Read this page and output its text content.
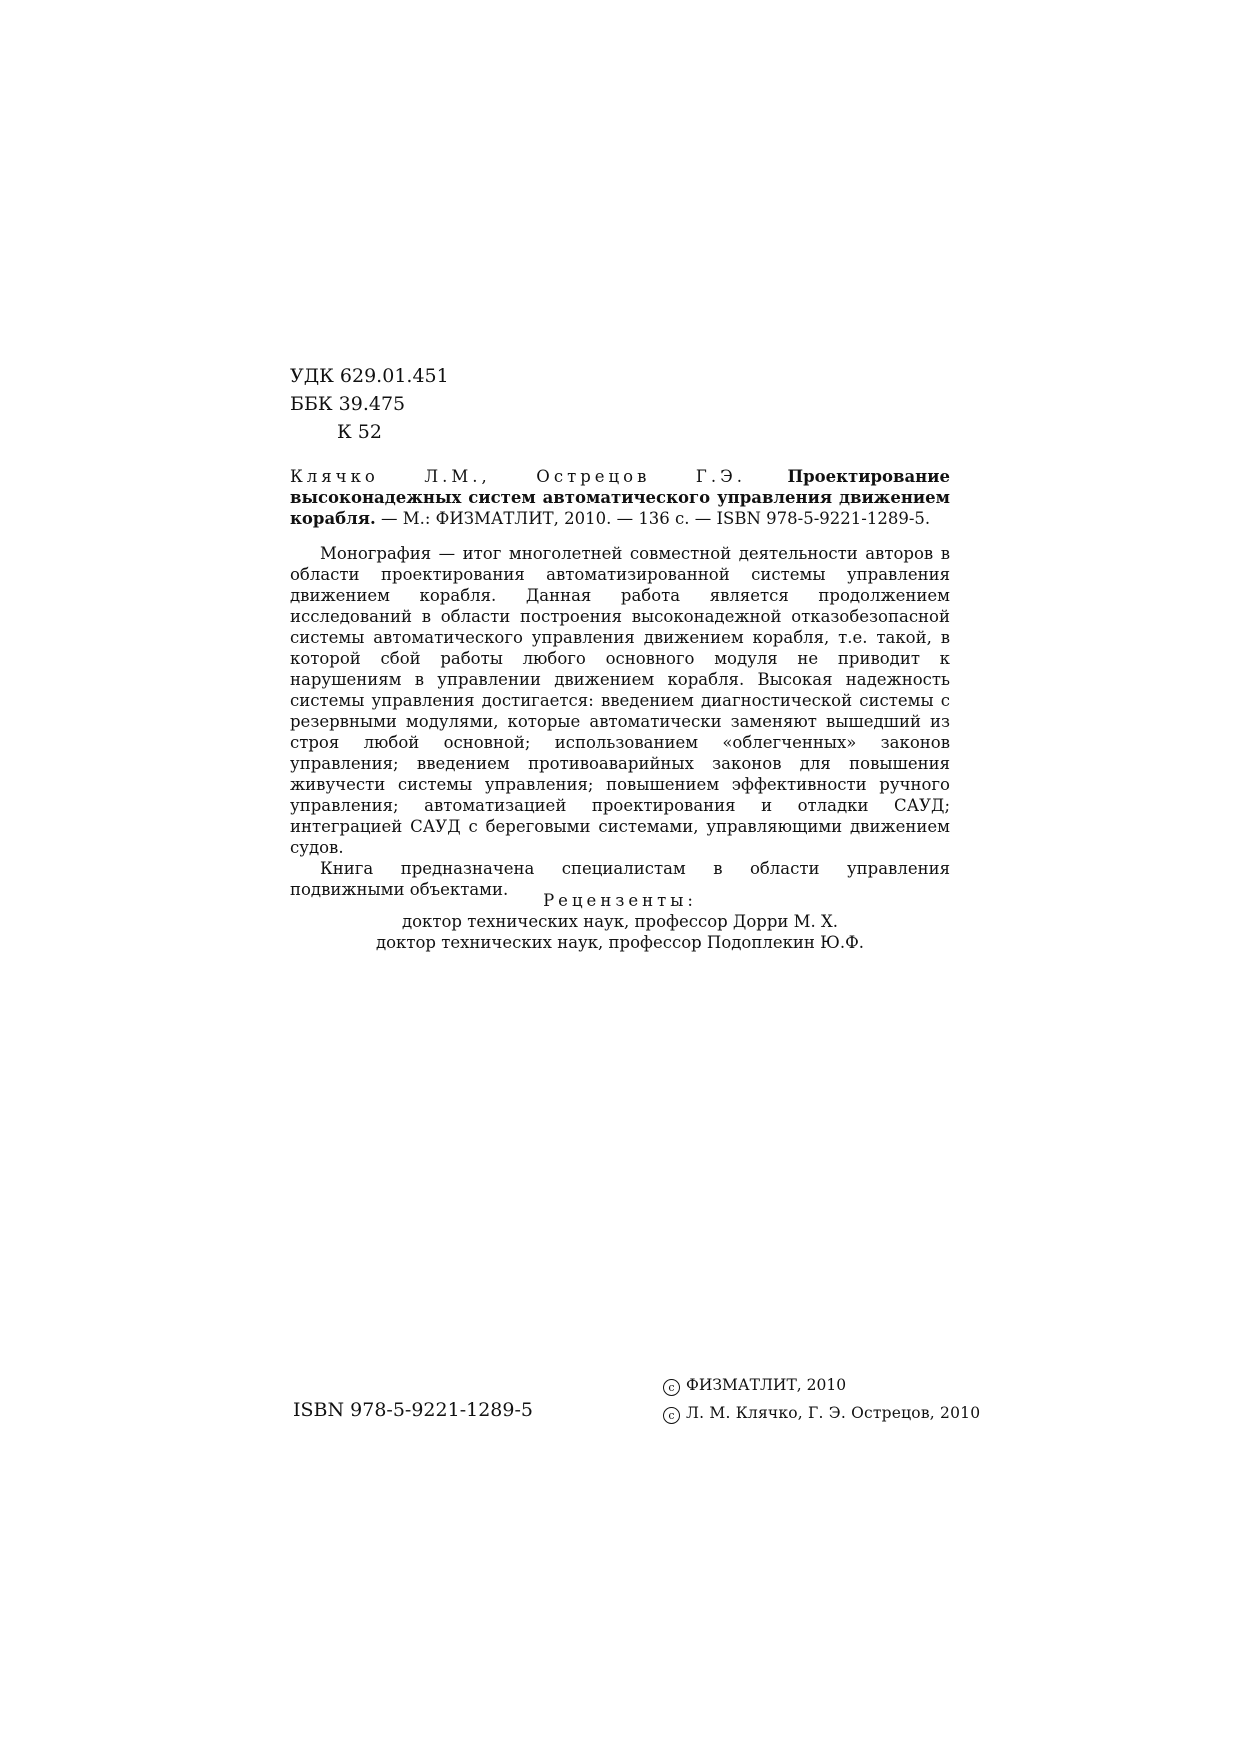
УДК 629.01.451
ББК 39.475
К 52
Клячко Л.М., Острецов Г.Э.	Проектирование высоконадежных систем автоматического управления движением корабля. — М.: ФИЗМАТЛИТ, 2010. — 136 с. — ISBN 978-5-9221-1289-5.

Монография — итог многолетней совместной деятельности авторов в области проектирования автоматизированной системы управления движением корабля. Данная работа является продолжением исследований в области построения высоконадежной отказобезопасной системы автоматического управления движением корабля, т.е. такой, в которой сбой работы любого основного модуля не приводит к нарушениям в управлении движением корабля. Высокая надежность системы управления достигается: введением диагностической системы с резервными модулями, которые автоматически заменяют вышедший из строя любой основной; использованием «облегченных» законов управления; введением противоаварийных законов для повышения живучести системы управления; повышением эффективности ручного управления; автоматизацией проектирования и отладки САУД; интеграцией САУД с береговыми системами, управляющими движением судов.

Книга предназначена специалистам в области управления подвижными объектами.

Рецензенты:
доктор технических наук, профессор Дорри М. Х.
доктор технических наук, профессор Подоплекин Ю.Ф.
ISBN 978-5-9221-1289-5
c ФИЗМАТЛИТ, 2010
c Л. М. Клячко, Г. Э. Острецов, 2010
